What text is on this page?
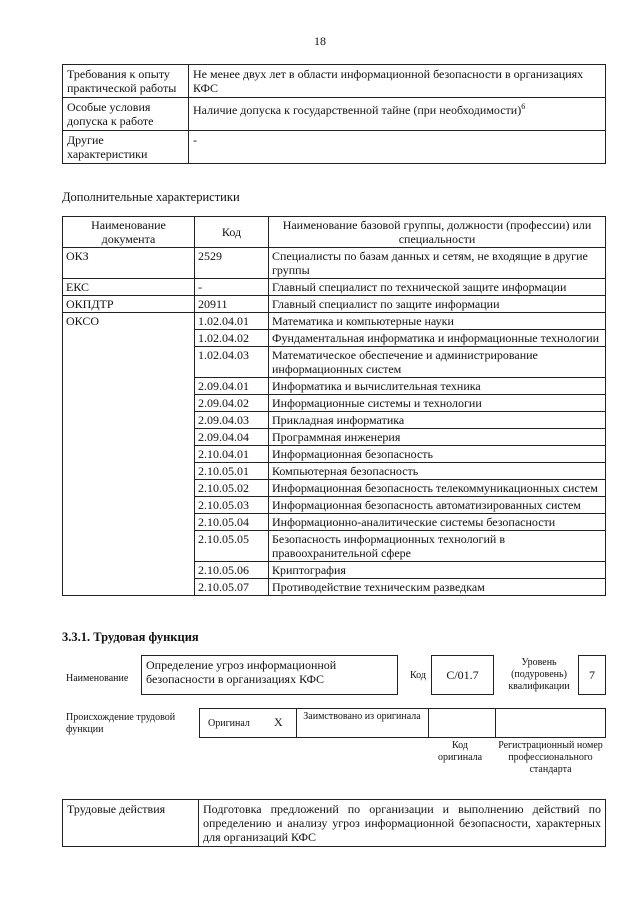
18
Требования к опыту практической работы	Не менее двух лет в области информационной безопасности в организациях КФС
Особые условия допуска к работе	Наличие допуска к государственной тайне (при необходимости)$^6$
Другие характеристики	-
Дополнительные характеристики
Наименование документа	Код	Наименование базовой группы, должности (профессии) или специальности
ОКЗ	2529	Специалисты по базам данных и сетям, не входящие в другие группы
ЕКС	-	Главный специалист по технической защите информации
ОКПДТР	20911	Главный специалист по защите информации
ОКСО	1.02.04.01	Математика и компьютерные науки
	1.02.04.02	Фундаментальная информатика и информационные технологии
	1.02.04.03	Математическое обеспечение и администрирование информационных систем
	2.09.04.01	Информатика и вычислительная техника
	2.09.04.02	Информационные системы и технологии
	2.09.04.03	Прикладная информатика
	2.09.04.04	Программная инженерия
	2.10.04.01	Информационная безопасность
	2.10.05.01	Компьютерная безопасность
	2.10.05.02	Информационная безопасность телекоммуникационных систем
	2.10.05.03	Информационная безопасность автоматизированных систем
	2.10.05.04	Информационно-аналитические системы безопасности
	2.10.05.05	Безопасность информационных технологий в правоохранительной сфере
	2.10.05.06	Криптография
	2.10.05.07	Противодействие техническим разведкам
3.3.1. Трудовая функция
Наименование
Определение угроз информационной безопасности в организациях КФС	Код C/01.7
Уровень (подуровень) квалификации
7
Происхождение трудовой функции
Оригинал X	Заимствовано из оригинала
Код оригинала
Регистрационный номер профессионального стандарта
Трудовые действия	Подготовка предложений по организации и выполнению действий по определению и анализу угроз информационной безопасности, характерных для организаций КФС
